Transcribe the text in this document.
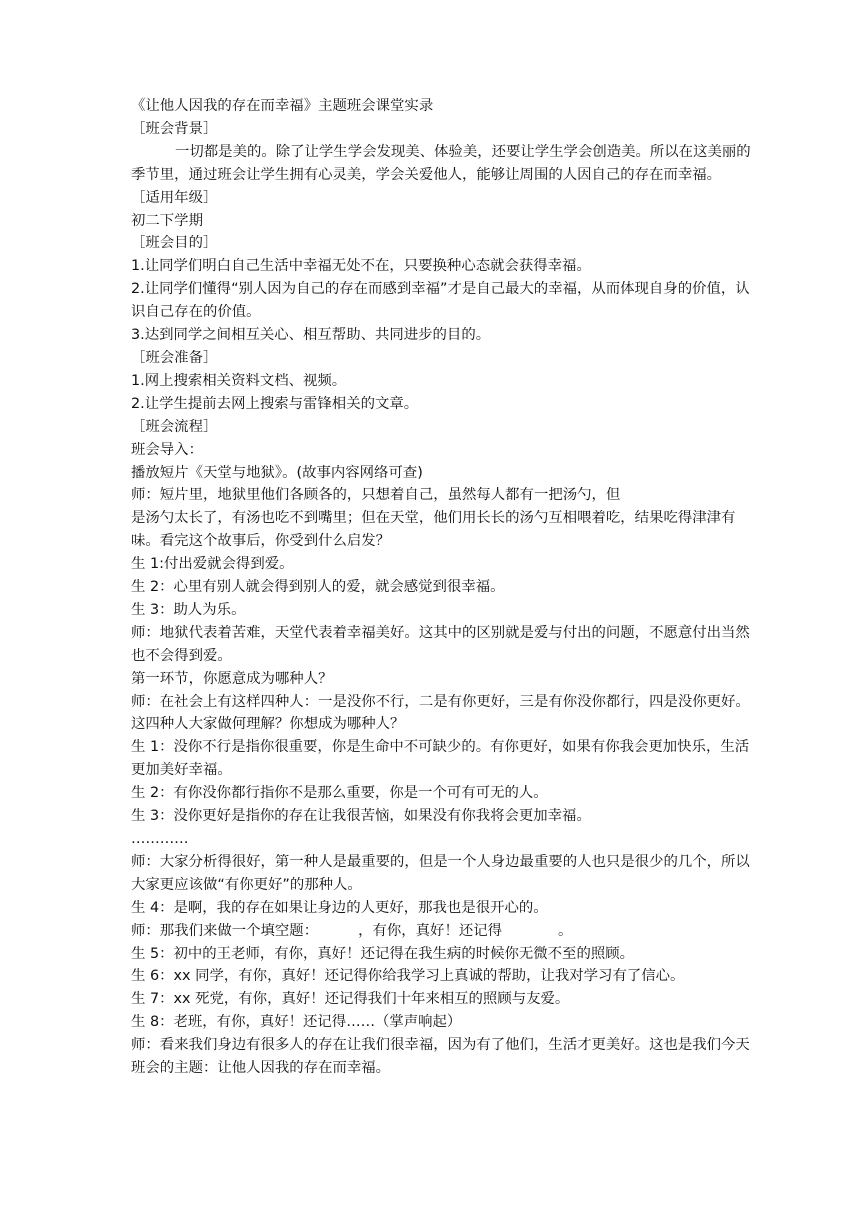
《让他人因我的存在而幸福》主题班会课堂实录
［班会背景］
一切都是美的。除了让学生学会发现美、体验美，还要让学生学会创造美。所以在这美丽的季节里，通过班会让学生拥有心灵美，学会关爱他人，能够让周围的人因自己的存在而幸福。
［适用年级］
初二下学期
［班会目的］
1.让同学们明白自己生活中幸福无处不在，只要换种心态就会获得幸福。
2.让同学们懂得“别人因为自己的存在而感到幸福”才是自己最大的幸福，从而体现自身的价值，认识自己存在的价值。
3.达到同学之间相互关心、相互帮助、共同进步的目的。
［班会准备］
1.网上搜索相关资料文档、视频。
2.让学生提前去网上搜索与雷锋相关的文章。
［班会流程］
班会导入：
播放短片《天堂与地狱》。(故事内容网络可查)
师：短片里，地狱里他们各顾各的，只想着自己，虽然每人都有一把汤勺，但
是汤勺太长了，有汤也吃不到嘴里；但在天堂，他们用长长的汤勺互相喂着吃，结果吃得津津有味。看完这个故事后，你受到什么启发？
生 1:付出爱就会得到爱。
生 2：心里有别人就会得到别人的爱，就会感觉到很幸福。
生 3：助人为乐。
师：地狱代表着苦难，天堂代表着幸福美好。这其中的区别就是爱与付出的问题，不愿意付出当然也不会得到爱。
第一环节，你愿意成为哪种人？
师：在社会上有这样四种人：一是没你不行，二是有你更好，三是有你没你都行，四是没你更好。这四种人大家做何理解？你想成为哪种人？
生 1：没你不行是指你很重要，你是生命中不可缺少的。有你更好，如果有你我会更加快乐，生活更加美好幸福。
生 2：有你没你都行指你不是那么重要，你是一个可有可无的人。
生 3：没你更好是指你的存在让我很苦恼，如果没有你我将会更加幸福。
…………
师：大家分析得很好，第一种人是最重要的，但是一个人身边最重要的人也只是很少的几个，所以大家更应该做“有你更好”的那种人。
生 4：是啊，我的存在如果让身边的人更好，那我也是很开心的。
师：那我们来做一个填空题：	，有你，真好！还记得	。
生 5：初中的王老师，有你，真好！还记得在我生病的时候你无微不至的照顾。
生 6：xx 同学，有你，真好！还记得你给我学习上真诚的帮助，让我对学习有了信心。
生 7：xx 死党，有你，真好！还记得我们十年来相互的照顾与友爱。
生 8：老班，有你，真好！还记得……（掌声响起）
师：看来我们身边有很多人的存在让我们很幸福，因为有了他们，生活才更美好。这也是我们今天班会的主题：让他人因我的存在而幸福。
